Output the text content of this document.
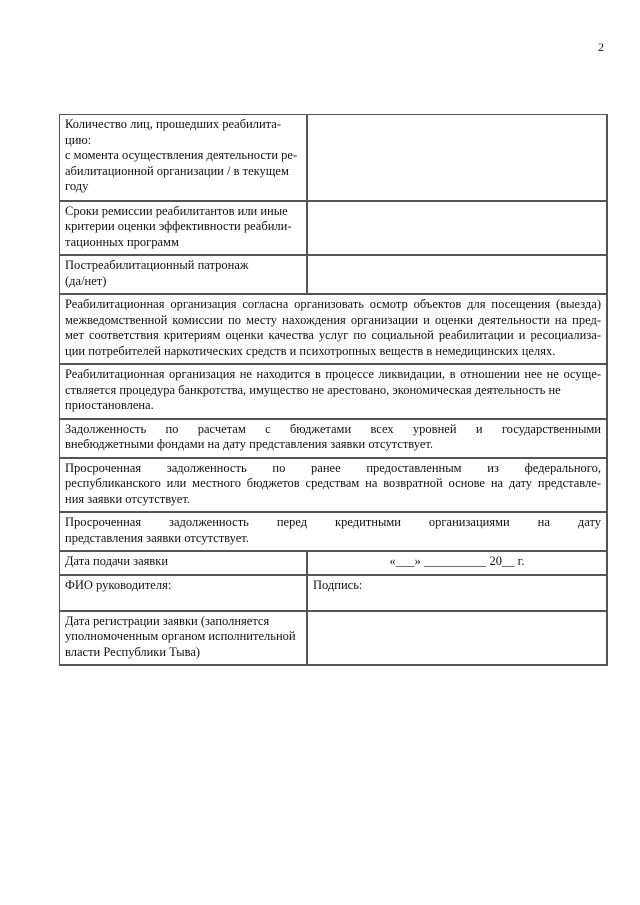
2
Количество лиц, прошедших реабилита-
цию:
с момента осуществления деятельности ре-
абилитационной организации / в текущем
году	

Сроки ремиссии реабилитантов или иные
критерии оценки эффективности реабили-
тационных программ	

Постреабилитационный патронаж
(да/нет)	

Реабилитационная организация согласна организовать осмотр объектов для посещения (выезда)
межведомственной комиссии по месту нахождения организации и оценки деятельности на пред-
мет соответствия критериям оценки качества услуг по социальной реабилитации и ресоциализа-
ции потребителей наркотических средств и психотропных веществ в немедицинских целях.	

Реабилитационная организация не находится в процессе ликвидации, в отношении нее не осуще-
ствляется процедура банкротства, имущество не арестовано, экономическая деятельность не
приостановлена.	

Задолженность по расчетам с бюджетами всех уровней и государственными
внебюджетными фондами на дату представления заявки отсутствует.	

Просроченная задолженность по ранее предоставленным из федерального,
республиканского или местного бюджетов средствам на возвратной основе на дату представле-
ния заявки отсутствует.	

Просроченная задолженность перед кредитными организациями на дату
представления заявки отсутствует.	
Дата подачи заявки	«___» __________ 20__ г.
ФИО руководителя:	Подпись:

Дата регистрации заявки (заполняется
уполномоченным органом исполнительной
власти Республики Тыва)	
